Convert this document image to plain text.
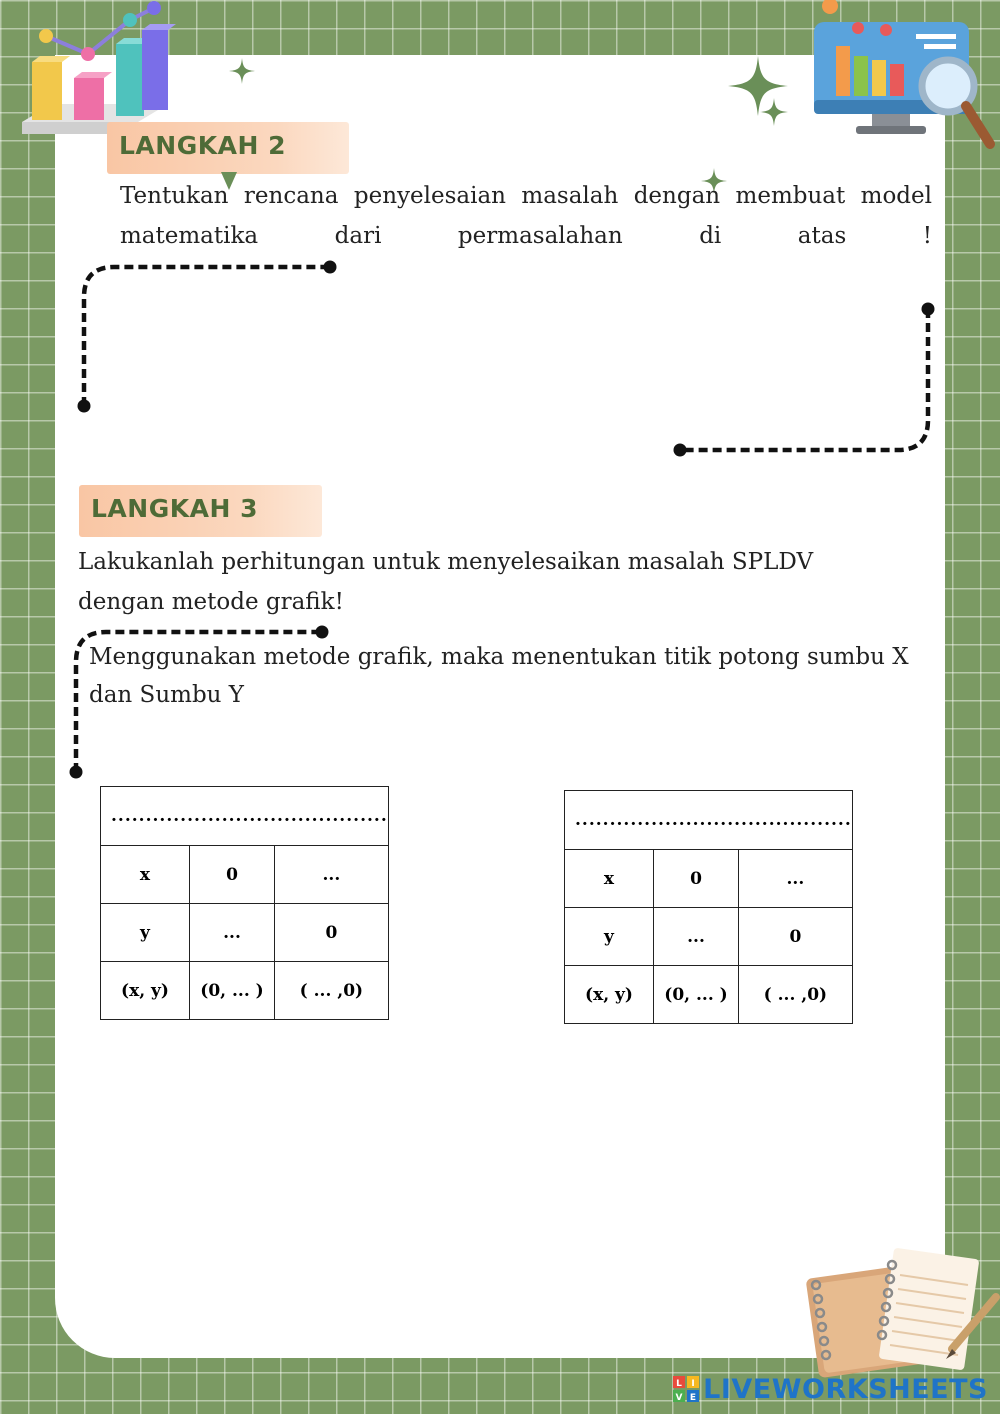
LANGKAH 2
Tentukan rencana penyelesaian masalah dengan membuat model matematika dari permasalahan di atas !
LANGKAH 3
Lakukanlah perhitungan untuk menyelesaikan masalah SPLDV dengan metode grafik!
Menggunakan metode grafik, maka menentukan titik potong sumbu X dan Sumbu Y
........................................		
x	0	...
y	...	0
(x, y)	(0, ... )	( ... ,0)
........................................		
x	0	...
y	...	0
(x, y)	(0, ... )	( ... ,0)
L I
V E LIVEWORKSHEETS
